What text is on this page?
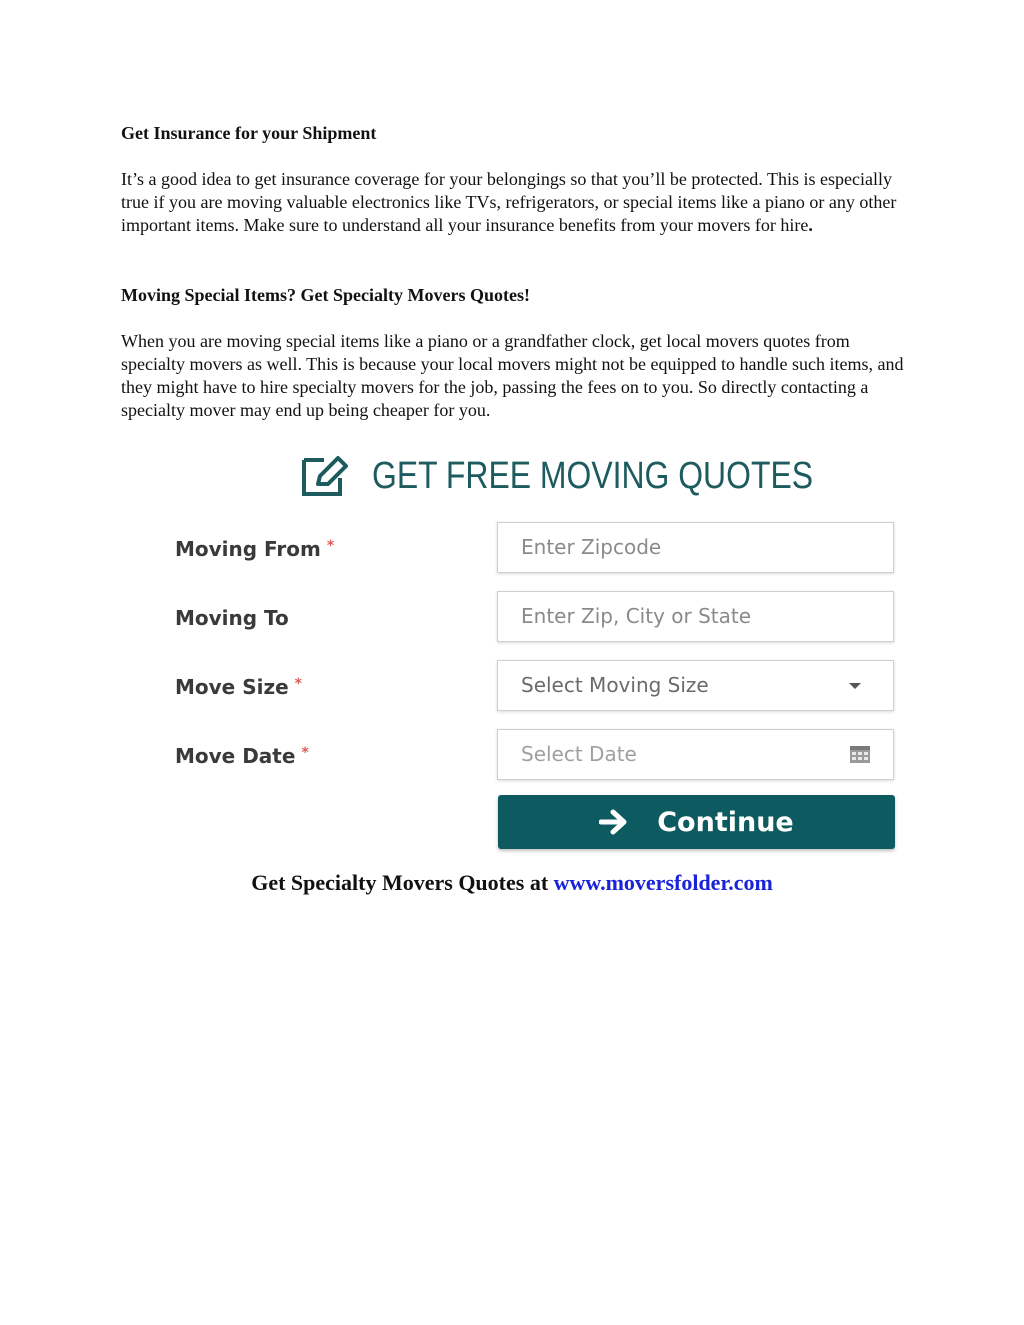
Get Insurance for your Shipment

It’s a good idea to get insurance coverage for your belongings so that you’ll be protected. This is especially true if you are moving valuable electronics like TVs, refrigerators, or special items like a piano or any other important items. Make sure to understand all your insurance benefits from your movers for hire.

Moving Special Items? Get Specialty Movers Quotes!

When you are moving special items like a piano or a grandfather clock, get local movers quotes from specialty movers as well. This is because your local movers might not be equipped to handle such items, and they might have to hire specialty movers for the job, passing the fees on to you. So directly contacting a specialty mover may end up being cheaper for you.

GET FREE MOVING QUOTES
Moving From *	Enter Zipcode
Moving To	Enter Zip, City or State
Move Size *	Select Moving Size
Move Date *	Select Date
Continue
Get Specialty Movers Quotes at www.moversfolder.com
